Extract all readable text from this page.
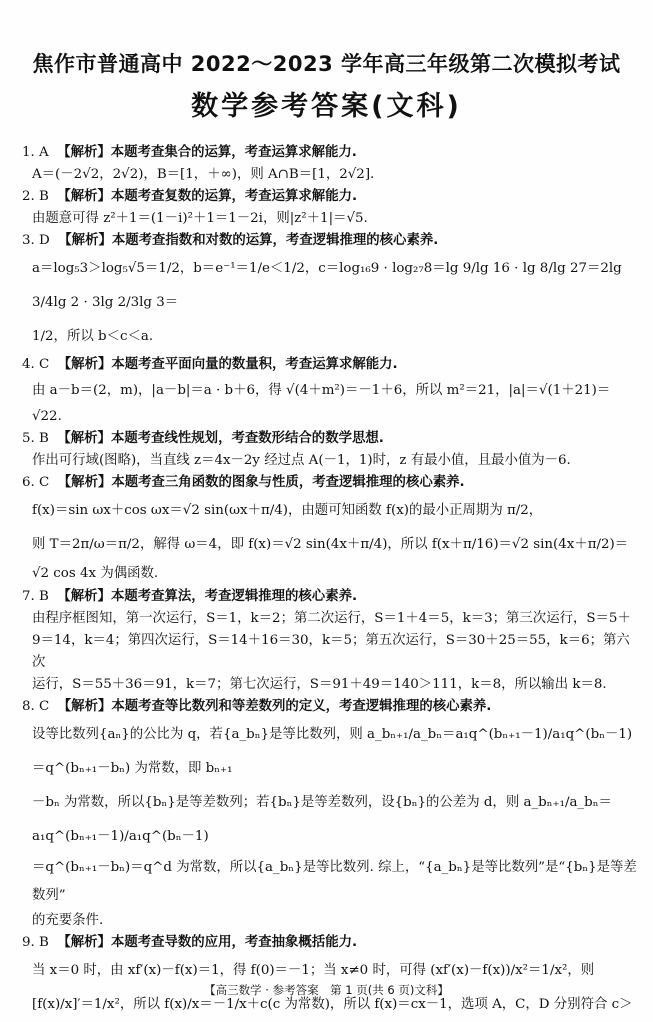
焦作市普通高中 2022～2023 学年高三年级第二次模拟考试
数学参考答案(文科)
1. A 【解析】本题考查集合的运算，考查运算求解能力.

A＝(－2√2，2√2)，B＝[1，＋∞)，则 A∩B＝[1，2√2].

2. B 【解析】本题考查复数的运算，考查运算求解能力.

由题意可得 z²＋1＝(1－i)²＋1＝1－2i，则|z²＋1|＝√5.

3. D 【解析】本题考查指数和对数的运算，考查逻辑推理的核心素养.

a＝log₅3＞log₅√5＝1/2，b＝e⁻¹＝1/e＜1/2，c＝log₁₆9 · log₂₇8＝lg 9/lg 16 · lg 8/lg 27＝2lg 3/4lg 2 · 3lg 2/3lg 3＝

1/2，所以 b＜c＜a.

4. C 【解析】本题考查平面向量的数量积，考查运算求解能力.

由 a－b＝(2，m)，|a－b|＝a · b＋6，得 √(4＋m²)＝－1＋6，所以 m²＝21，|a|＝√(1＋21)＝

√22.

5. B 【解析】本题考查线性规划，考查数形结合的数学思想.

作出可行域(图略)，当直线 z＝4x－2y 经过点 A(－1，1)时，z 有最小值，且最小值为－6.

6. C 【解析】本题考查三角函数的图象与性质，考查逻辑推理的核心素养.

f(x)＝sin ωx＋cos ωx＝√2 sin(ωx＋π/4)，由题可知函数 f(x)的最小正周期为 π/2，

则 T＝2π/ω＝π/2，解得 ω＝4，即 f(x)＝√2 sin(4x＋π/4)，所以 f(x＋π/16)＝√2 sin(4x＋π/2)＝

√2 cos 4x 为偶函数.

7. B 【解析】本题考查算法，考查逻辑推理的核心素养.

由程序框图知，第一次运行，S＝1，k＝2；第二次运行，S＝1＋4＝5，k＝3；第三次运行，S＝5＋

9＝14，k＝4；第四次运行，S＝14＋16＝30，k＝5；第五次运行，S＝30＋25＝55，k＝6；第六次

运行，S＝55＋36＝91，k＝7；第七次运行，S＝91＋49＝140＞111，k＝8，所以输出 k＝8.

8. C 【解析】本题考查等比数列和等差数列的定义，考查逻辑推理的核心素养.

设等比数列{aₙ}的公比为 q，若{a_bₙ}是等比数列，则 a_bₙ₊₁/a_bₙ＝a₁q^(bₙ₊₁－1)/a₁q^(bₙ－1)＝q^(bₙ₊₁－bₙ) 为常数，即 bₙ₊₁

－bₙ 为常数，所以{bₙ}是等差数列；若{bₙ}是等差数列，设{bₙ}的公差为 d，则 a_bₙ₊₁/a_bₙ＝a₁q^(bₙ₊₁－1)/a₁q^(bₙ－1)

＝q^(bₙ₊₁－bₙ)＝q^d 为常数，所以{a_bₙ}是等比数列. 综上，“{a_bₙ}是等比数列”是“{bₙ}是等差数列”

的充要条件.

9. B 【解析】本题考查导数的应用，考查抽象概括能力.

当 x＝0 时，由 xf′(x)－f(x)＝1，得 f(0)＝－1；当 x≠0 时，可得 (xf′(x)－f(x))/x²＝1/x²，则

[f(x)/x]′＝1/x²，所以 f(x)/x＝－1/x＋c(c 为常数)，所以 f(x)＝cx－1，选项 A，C，D 分别符合 c＞

【高三数学 · 参考答案　第 1 页(共 6 页)文科】
